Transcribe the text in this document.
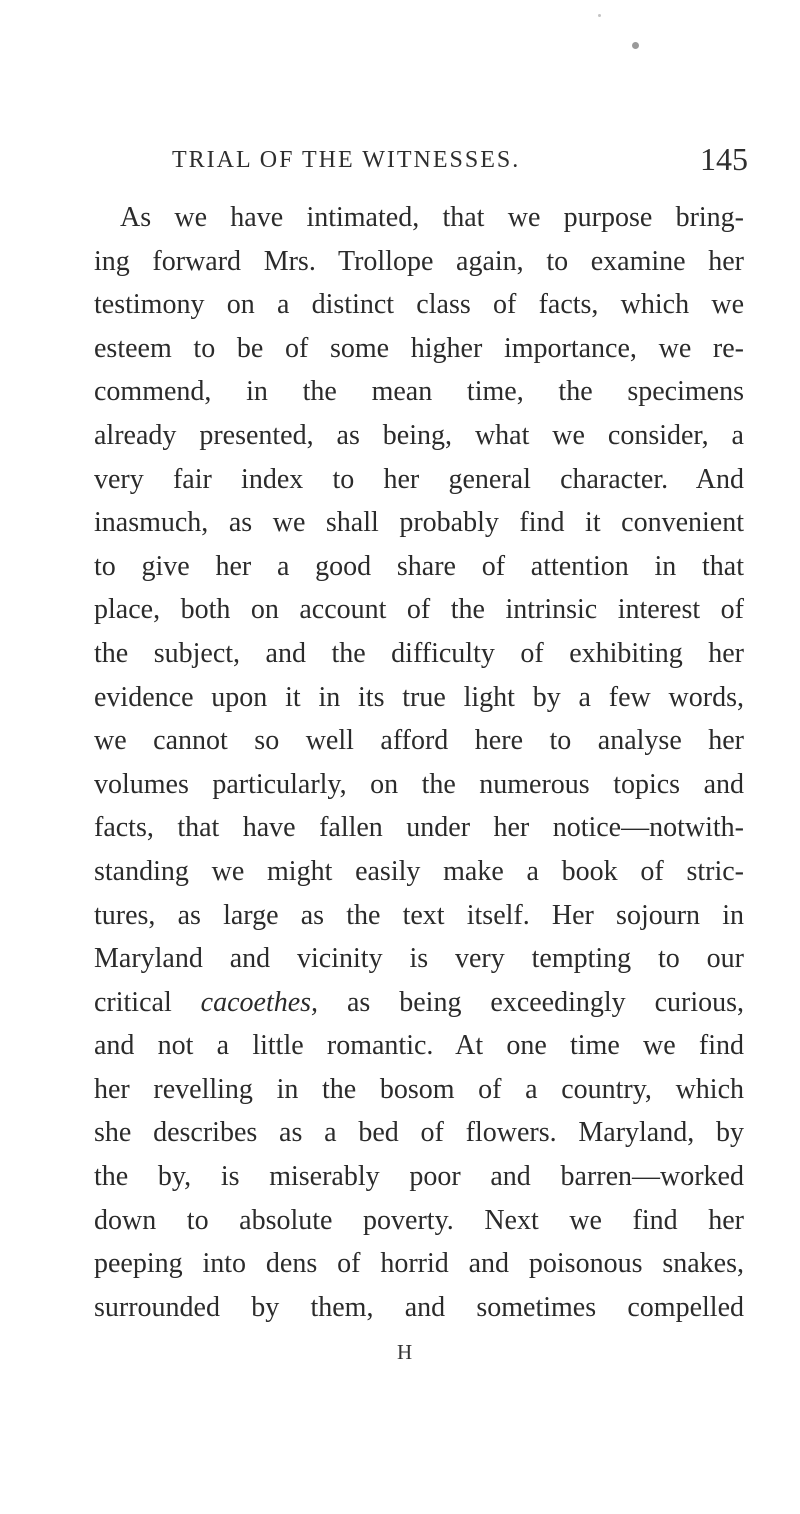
TRIAL OF THE WITNESSES.	145
As we have intimated, that we purpose bring-
ing forward Mrs. Trollope again, to examine her
testimony on a distinct class of facts, which we
esteem to be of some higher importance, we re-
commend, in the mean time, the specimens
already presented, as being, what we consider, a
very fair index to her general character. And
inasmuch, as we shall probably find it convenient
to give her a good share of attention in that
place, both on account of the intrinsic interest of
the subject, and the difficulty of exhibiting her
evidence upon it in its true light by a few words,
we cannot so well afford here to analyse her
volumes particularly, on the numerous topics and
facts, that have fallen under her notice—notwith-
standing we might easily make a book of stric-
tures, as large as the text itself. Her sojourn in
Maryland and vicinity is very tempting to our
critical cacoethes, as being exceedingly curious,
and not a little romantic. At one time we find
her revelling in the bosom of a country, which
she describes as a bed of flowers. Maryland, by
the by, is miserably poor and barren—worked
down to absolute poverty. Next we find her
peeping into dens of horrid and poisonous snakes,
surrounded by them, and sometimes compelled
H
